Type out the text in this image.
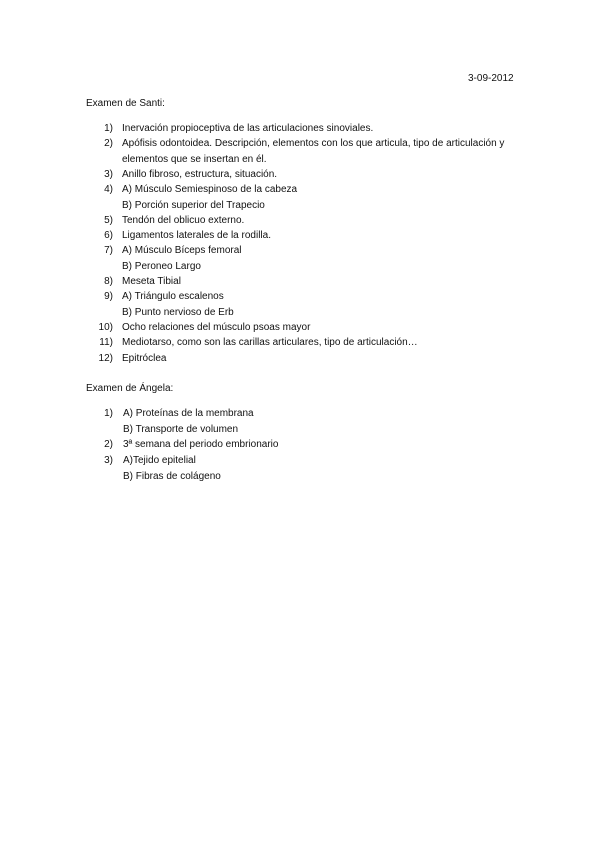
3-09-2012
Examen de Santi:
Examen de Ángela:
1) Inervación propioceptiva de las articulaciones sinoviales.
2) Apófisis odontoidea. Descripción, elementos con los que articula, tipo de articulación y
elementos que se insertan en él.
3) Anillo fibroso, estructura, situación.
4) A) Músculo Semiespinoso de la cabeza
B) Porción superior del Trapecio
5) Tendón del oblicuo externo.
6) Ligamentos laterales de la rodilla.
7) A) Músculo Bíceps femoral
B) Peroneo Largo
8) Meseta Tibial
9) A) Triángulo escalenos
B) Punto nervioso de Erb
10) Ocho relaciones del músculo psoas mayor
11) Mediotarso, como son las carillas articulares, tipo de articulación…
12) Epitróclea
1) A) Proteínas de la membrana
B) Transporte de volumen
2) 3ª semana del periodo embrionario
3) A)Tejido epitelial
B) Fibras de colágeno
